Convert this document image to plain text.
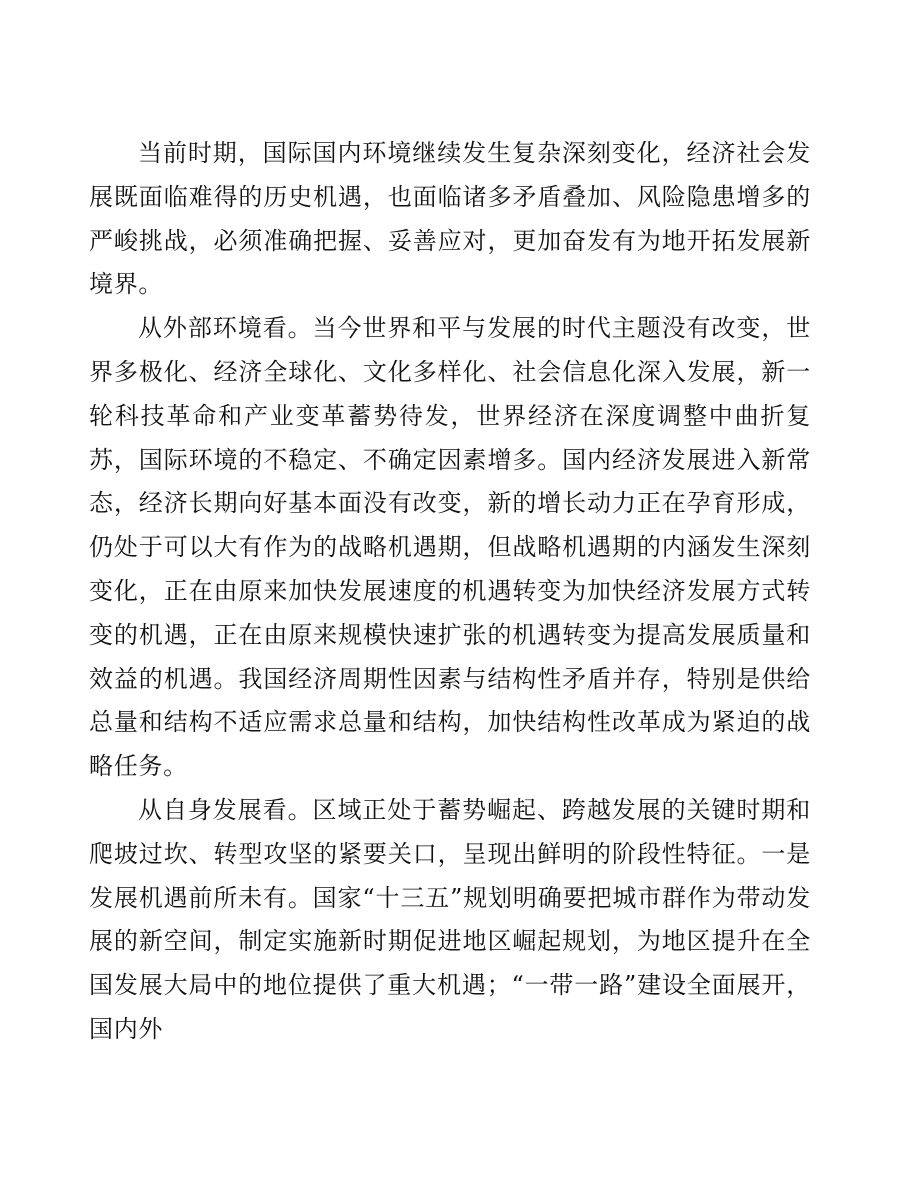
当前时期，国际国内环境继续发生复杂深刻变化，经济社会发展既面临难得的历史机遇，也面临诸多矛盾叠加、风险隐患增多的严峻挑战，必须准确把握、妥善应对，更加奋发有为地开拓发展新境界。

从外部环境看。当今世界和平与发展的时代主题没有改变，世界多极化、经济全球化、文化多样化、社会信息化深入发展，新一轮科技革命和产业变革蓄势待发，世界经济在深度调整中曲折复苏，国际环境的不稳定、不确定因素增多。国内经济发展进入新常态，经济长期向好基本面没有改变，新的增长动力正在孕育形成，仍处于可以大有作为的战略机遇期，但战略机遇期的内涵发生深刻变化，正在由原来加快发展速度的机遇转变为加快经济发展方式转变的机遇，正在由原来规模快速扩张的机遇转变为提高发展质量和效益的机遇。我国经济周期性因素与结构性矛盾并存，特别是供给总量和结构不适应需求总量和结构，加快结构性改革成为紧迫的战略任务。

从自身发展看。区域正处于蓄势崛起、跨越发展的关键时期和爬坡过坎、转型攻坚的紧要关口，呈现出鲜明的阶段性特征。一是发展机遇前所未有。国家“十三五”规划明确要把城市群作为带动发展的新空间，制定实施新时期促进地区崛起规划，为地区提升在全国发展大局中的地位提供了重大机遇；“一带一路”建设全面展开，国内外
